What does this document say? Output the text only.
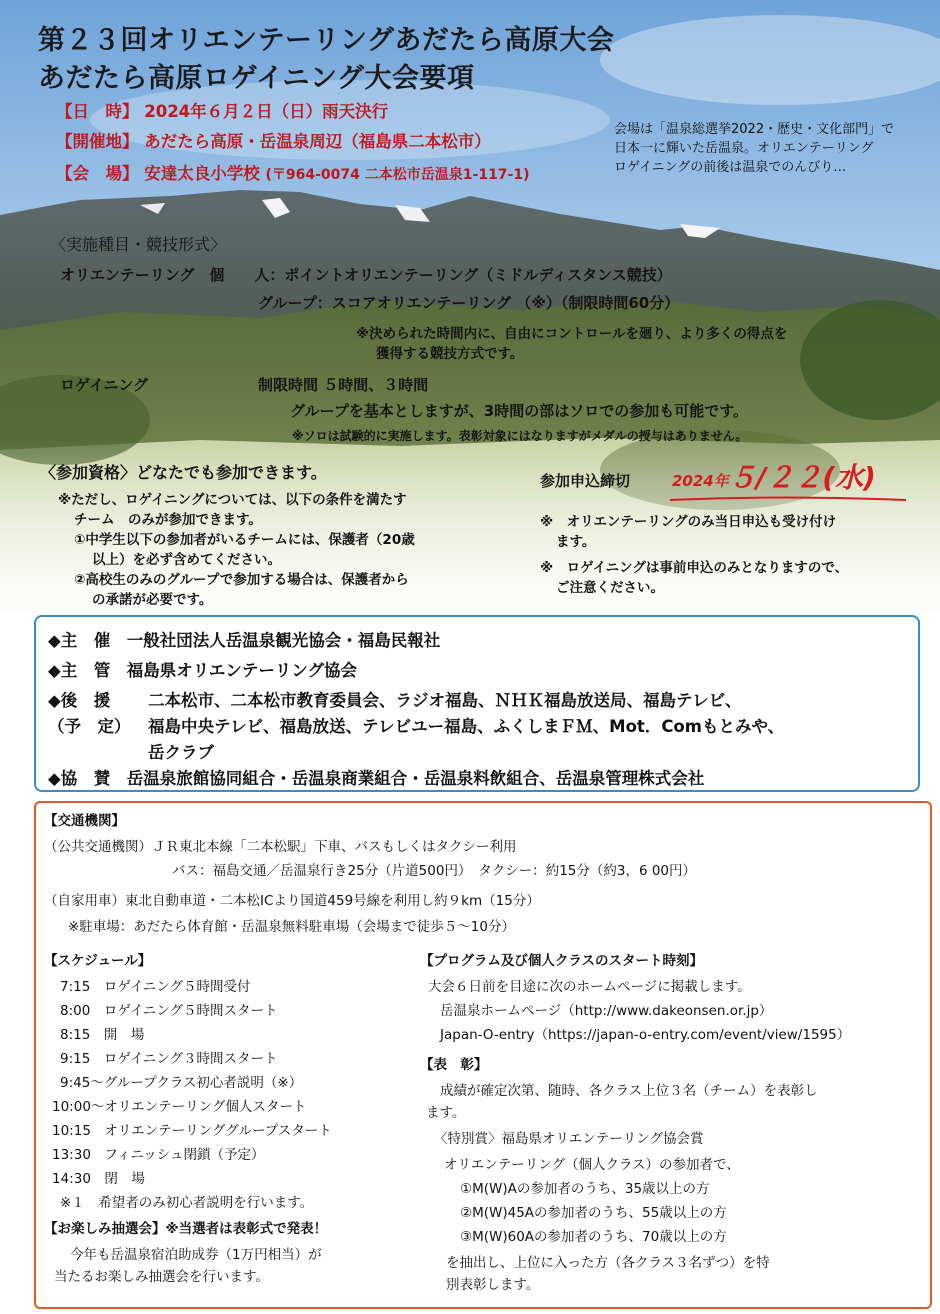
第２３回オリエンテーリングあだたら高原大会
あだたら高原ロゲイニング大会要項
【日　時】 2024年６月２日（日）雨天決行
【開催地】 あだたら高原・岳温泉周辺（福島県二本松市）
【会　場】 安達太良小学校 (〒964-0074 二本松市岳温泉1-117-1)
会場は「温泉総選挙2022・歴史・文化部門」で
日本一に輝いた岳温泉。オリエンテーリング
ロゲイニングの前後は温泉でのんびり…
〈実施種目・競技形式〉
オリエンテーリング　個　　人：ポイントオリエンテーリング（ミドルディスタンス競技）
グループ：スコアオリエンテーリング （※）（制限時間60分）
※決められた時間内に、自由にコントロールを廻り、より多くの得点を
獲得する競技方式です。
ロゲイニング	制限時間 ５時間、３時間
グループを基本としますが、3時間の部はソロでの参加も可能です。
※ソロは試験的に実施します。表彰対象にはなりますがメダルの授与はありません。
〈参加資格〉どなたでも参加できます。
※ただし、ロゲイニングについては、以下の条件を満たす
チーム　のみが参加できます。
①中学生以下の参加者がいるチームには、保護者（20歳
以上）を必ず含めてください。
②高校生のみのグループで参加する場合は、保護者から
の承諾が必要です。
参加申込締切	2024年 ５/２２(水)
※　オリエンテーリングのみ当日申込も受け付け
ます。
※　ロゲイニングは事前申込のみとなりますので、
ご注意ください。
◆主　催　一般社団法人岳温泉観光協会・福島民報社
◆主　管　福島県オリエンテーリング協会
◆後　援
（予　定）
二本松市、二本松市教育委員会、ラジオ福島、ＮＨＫ福島放送局、福島テレビ、
福島中央テレビ、福島放送、テレビユー福島、ふくしまＦＭ、Mot．Comもとみや、
岳クラブ
◆協　賛　岳温泉旅館協同組合・岳温泉商業組合・岳温泉料飲組合、岳温泉管理株式会社
【交通機関】
（公共交通機関）ＪＲ東北本線「二本松駅」下車、バスもしくはタクシー利用
バス：福島交通／岳温泉行き25分（片道500円）　タクシー：約15分（約3，6 00円）
（自家用車）東北自動車道・二本松ICより国道459号線を利用し約９km（15分）
※駐車場：あだたら体育館・岳温泉無料駐車場（会場まで徒歩５～10分）
【スケジュール】
7:15　ロゲイニング５時間受付
8:00　ロゲイニング５時間スタート
8:15　開　場
9:15　ロゲイニング３時間スタート
9:45～グループクラス初心者説明（※）
10:00～オリエンテーリング個人スタート
10:15　オリエンテーリンググループスタート
13:30　フィニッシュ閉鎖（予定）
14:30　閉　場
※１　希望者のみ初心者説明を行います。
【お楽しみ抽選会】※当選者は表彰式で発表！
今年も岳温泉宿泊助成券（1万円相当）が
当たるお楽しみ抽選会を行います。
【プログラム及び個人クラスのスタート時刻】
大会６日前を目途に次のホームページに掲載します。
岳温泉ホームページ（http://www.dakeonsen.or.jp）
Japan-O-entry（https://japan-o-entry.com/event/view/1595）
【表　彰】
成績が確定次第、随時、各クラス上位３名（チーム）を表彰し
ます。
〈特別賞〉福島県オリエンテーリング協会賞
オリエンテーリング（個人クラス）の参加者で、
①M(W)Aの参加者のうち、35歳以上の方
②M(W)45Aの参加者のうち、55歳以上の方
③M(W)60Aの参加者のうち、70歳以上の方
を抽出し、上位に入った方（各クラス３名ずつ）を特
別表彰します。
